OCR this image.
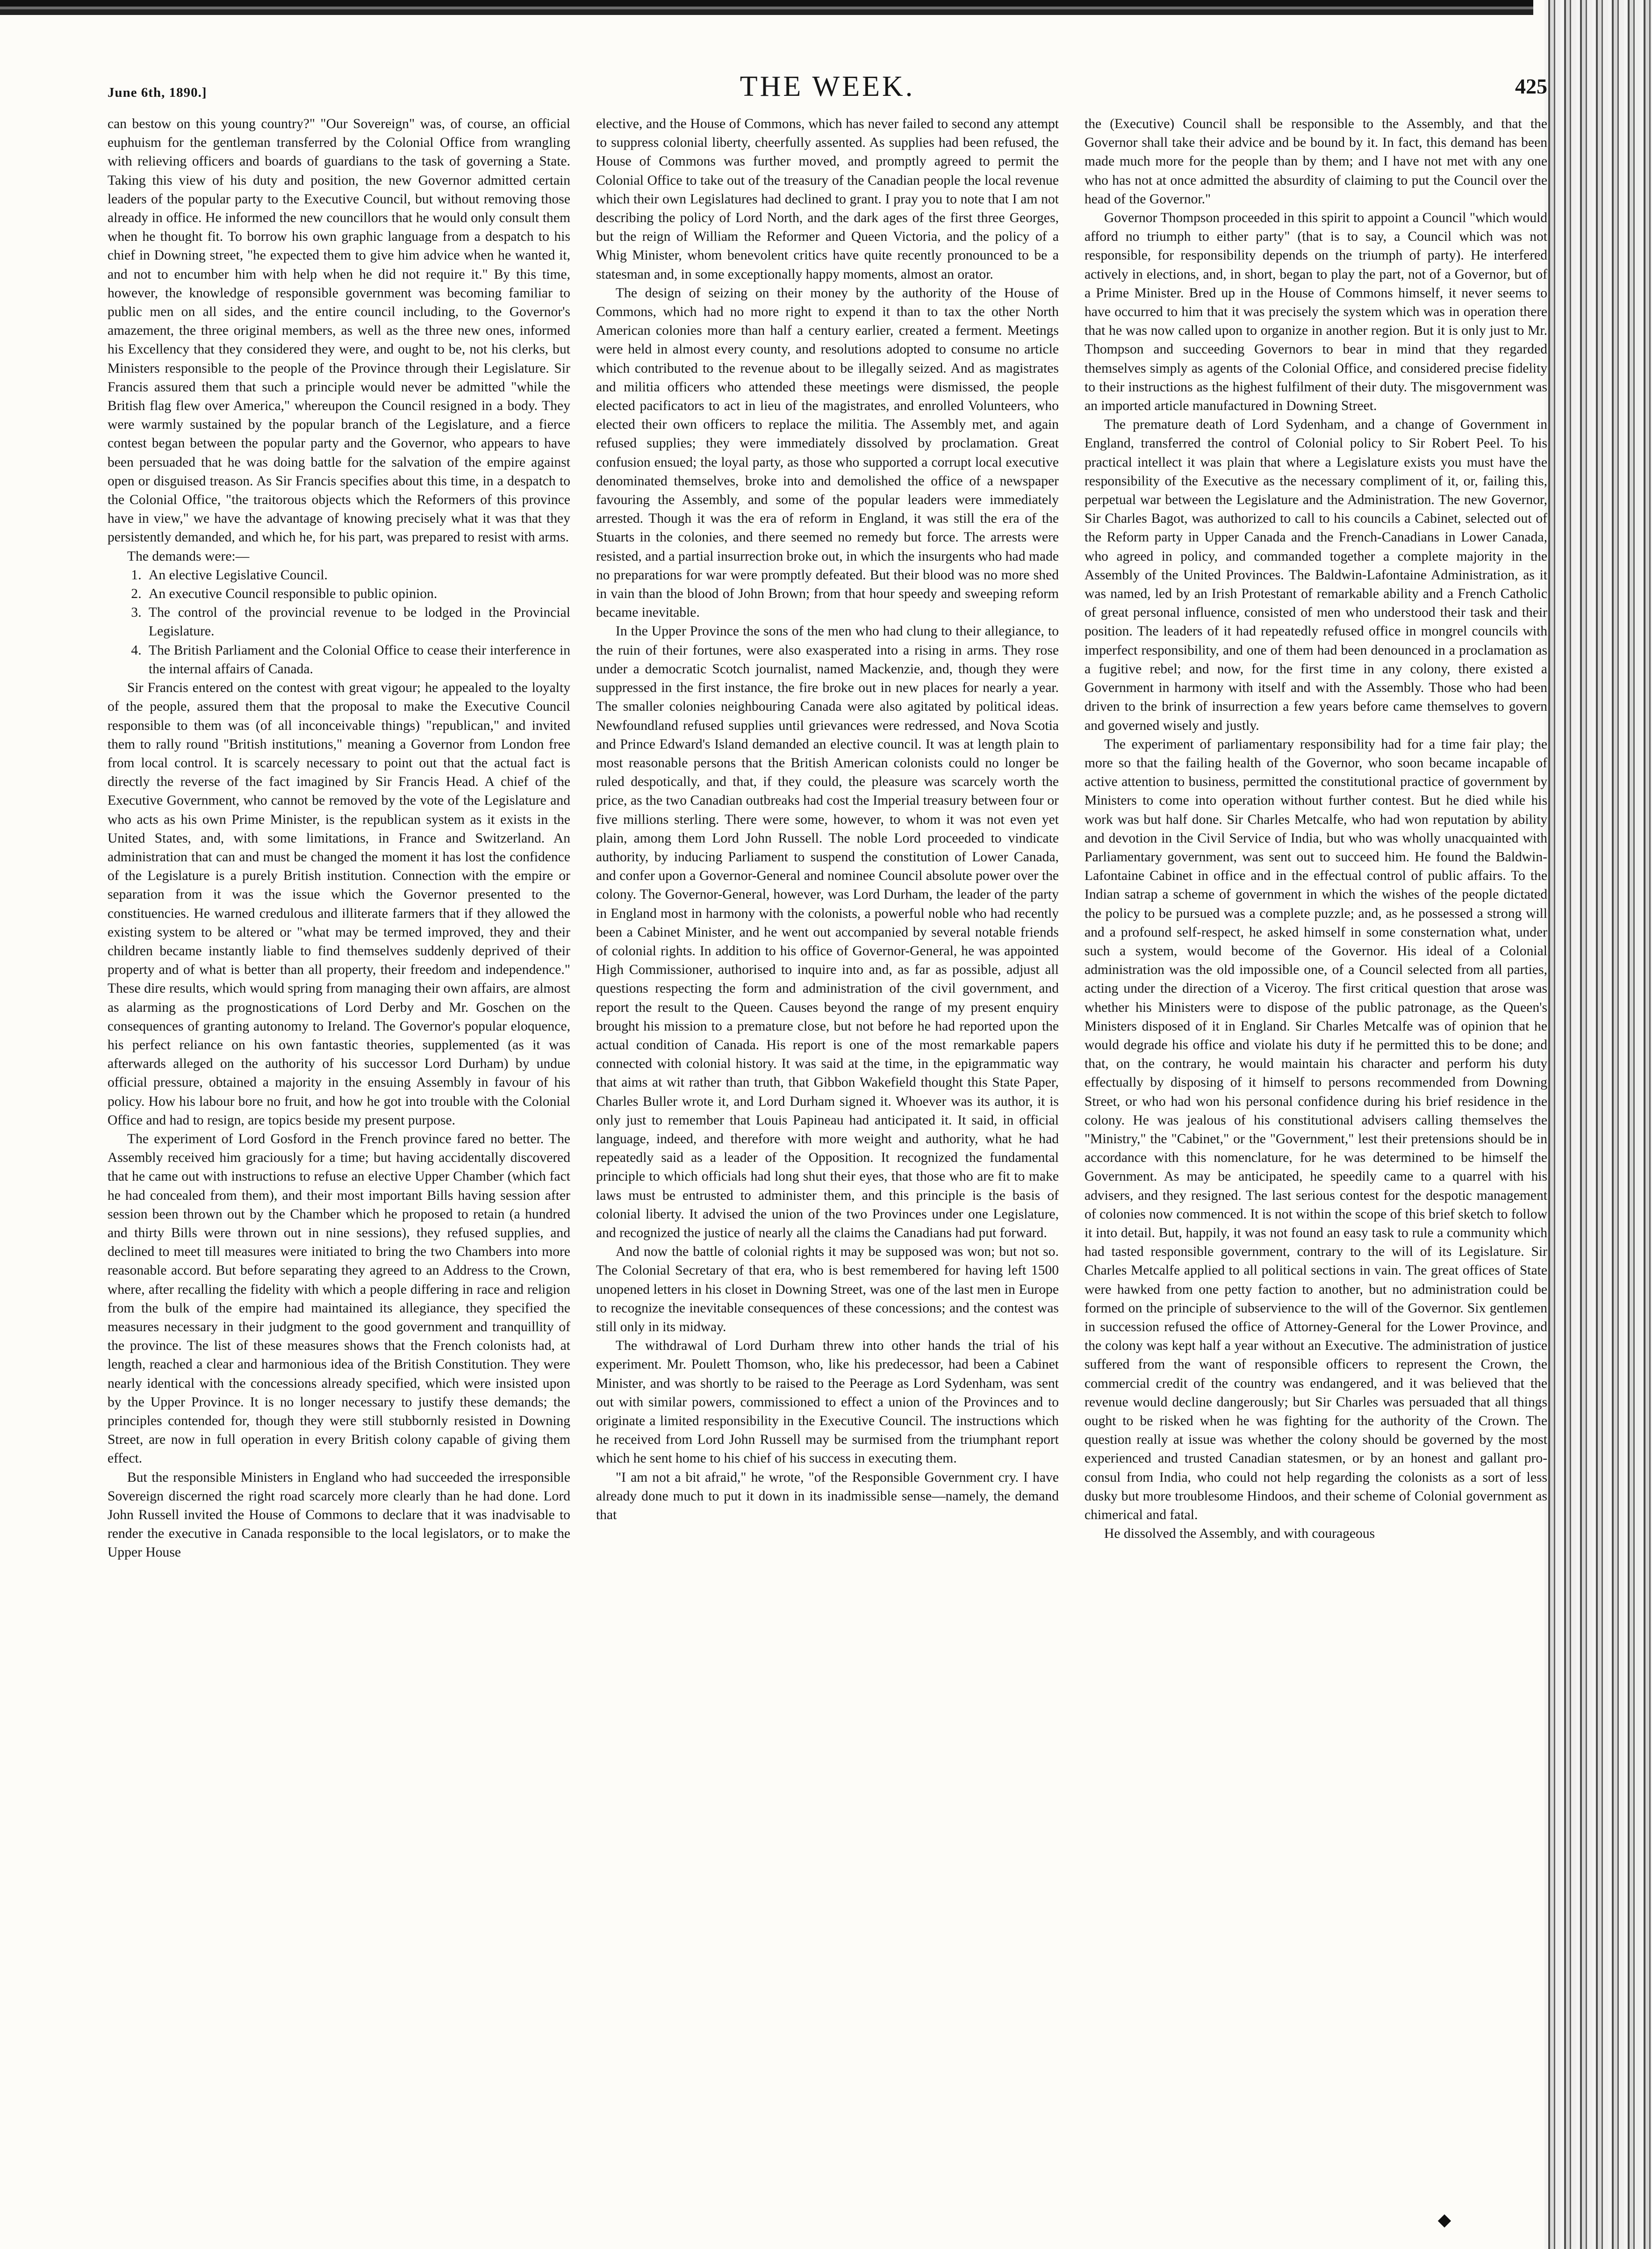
June 6th, 1890.]	THE WEEK.	425

can bestow on this young country?" "Our Sovereign" was, of course, an official euphuism for the gentleman transferred by the Colonial Office from wrangling with relieving officers and boards of guardians to the task of governing a State. Taking this view of his duty and position, the new Governor admitted certain leaders of the popular party to the Executive Council, but without removing those already in office. He informed the new councillors that he would only consult them when he thought fit. To borrow his own graphic language from a despatch to his chief in Downing street, "he expected them to give him advice when he wanted it, and not to encumber him with help when he did not require it." By this time, however, the knowledge of responsible government was becoming familiar to public men on all sides, and the entire council including, to the Governor's amazement, the three original members, as well as the three new ones, informed his Excellency that they considered they were, and ought to be, not his clerks, but Ministers responsible to the people of the Province through their Legislature. Sir Francis assured them that such a principle would never be admitted "while the British flag flew over America," whereupon the Council resigned in a body. They were warmly sustained by the popular branch of the Legislature, and a fierce contest began between the popular party and the Governor, who appears to have been persuaded that he was doing battle for the salvation of the empire against open or disguised treason. As Sir Francis specifies about this time, in a despatch to the Colonial Office, "the traitorous objects which the Reformers of this province have in view," we have the advantage of knowing precisely what it was that they persistently demanded, and which he, for his part, was prepared to resist with arms.

The demands were:—

1. An elective Legislative Council.
2. An executive Council responsible to public opinion.
3. The control of the provincial revenue to be lodged in the Provincial Legislature.
4. The British Parliament and the Colonial Office to cease their interference in the internal affairs of Canada.

Sir Francis entered on the contest with great vigour; he appealed to the loyalty of the people, assured them that the proposal to make the Executive Council responsible to them was (of all inconceivable things) "republican," and invited them to rally round "British institutions," meaning a Governor from London free from local control. It is scarcely necessary to point out that the actual fact is directly the reverse of the fact imagined by Sir Francis Head. A chief of the Executive Government, who cannot be removed by the vote of the Legislature and who acts as his own Prime Minister, is the republican system as it exists in the United States, and, with some limitations, in France and Switzerland. An administration that can and must be changed the moment it has lost the confidence of the Legislature is a purely British institution. Connection with the empire or separation from it was the issue which the Governor presented to the constituencies. He warned credulous and illiterate farmers that if they allowed the existing system to be altered or "what may be termed improved, they and their children became instantly liable to find themselves suddenly deprived of their property and of what is better than all property, their freedom and independence." These dire results, which would spring from managing their own affairs, are almost as alarming as the prognostications of Lord Derby and Mr. Goschen on the consequences of granting autonomy to Ireland. The Governor's popular eloquence, his perfect reliance on his own fantastic theories, supplemented (as it was afterwards alleged on the authority of his successor Lord Durham) by undue official pressure, obtained a majority in the ensuing Assembly in favour of his policy. How his labour bore no fruit, and how he got into trouble with the Colonial Office and had to resign, are topics beside my present purpose.

The experiment of Lord Gosford in the French province fared no better. The Assembly received him graciously for a time; but having accidentally discovered that he came out with instructions to refuse an elective Upper Chamber (which fact he had concealed from them), and their most important Bills having session after session been thrown out by the Chamber which he proposed to retain (a hundred and thirty Bills were thrown out in nine sessions), they refused supplies, and declined to meet till measures were initiated to bring the two Chambers into more reasonable accord. But before separating they agreed to an Address to the Crown, where, after recalling the fidelity with which a people differing in race and religion from the bulk of the empire had maintained its allegiance, they specified the measures necessary in their judgment to the good government and tranquillity of the province. The list of these measures shows that the French colonists had, at length, reached a clear and harmonious idea of the British Constitution. They were nearly identical with the concessions already specified, which were insisted upon by the Upper Province. It is no longer necessary to justify these demands; the principles contended for, though they were still stubbornly resisted in Downing Street, are now in full operation in every British colony capable of giving them effect.

But the responsible Ministers in England who had succeeded the irresponsible Sovereign discerned the right road scarcely more clearly than he had done. Lord John Russell invited the House of Commons to declare that it was inadvisable to render the executive in Canada responsible to the local legislators, or to make the Upper House

elective, and the House of Commons, which has never failed to second any attempt to suppress colonial liberty, cheerfully assented. As supplies had been refused, the House of Commons was further moved, and promptly agreed to permit the Colonial Office to take out of the treasury of the Canadian people the local revenue which their own Legislatures had declined to grant. I pray you to note that I am not describing the policy of Lord North, and the dark ages of the first three Georges, but the reign of William the Reformer and Queen Victoria, and the policy of a Whig Minister, whom benevolent critics have quite recently pronounced to be a statesman and, in some exceptionally happy moments, almost an orator.

The design of seizing on their money by the authority of the House of Commons, which had no more right to expend it than to tax the other North American colonies more than half a century earlier, created a ferment. Meetings were held in almost every county, and resolutions adopted to consume no article which contributed to the revenue about to be illegally seized. And as magistrates and militia officers who attended these meetings were dismissed, the people elected pacificators to act in lieu of the magistrates, and enrolled Volunteers, who elected their own officers to replace the militia. The Assembly met, and again refused supplies; they were immediately dissolved by proclamation. Great confusion ensued; the loyal party, as those who supported a corrupt local executive denominated themselves, broke into and demolished the office of a newspaper favouring the Assembly, and some of the popular leaders were immediately arrested. Though it was the era of reform in England, it was still the era of the Stuarts in the colonies, and there seemed no remedy but force. The arrests were resisted, and a partial insurrection broke out, in which the insurgents who had made no preparations for war were promptly defeated. But their blood was no more shed in vain than the blood of John Brown; from that hour speedy and sweeping reform became inevitable.

In the Upper Province the sons of the men who had clung to their allegiance, to the ruin of their fortunes, were also exasperated into a rising in arms. They rose under a democratic Scotch journalist, named Mackenzie, and, though they were suppressed in the first instance, the fire broke out in new places for nearly a year. The smaller colonies neighbouring Canada were also agitated by political ideas. Newfoundland refused supplies until grievances were redressed, and Nova Scotia and Prince Edward's Island demanded an elective council. It was at length plain to most reasonable persons that the British American colonists could no longer be ruled despotically, and that, if they could, the pleasure was scarcely worth the price, as the two Canadian outbreaks had cost the Imperial treasury between four or five millions sterling. There were some, however, to whom it was not even yet plain, among them Lord John Russell. The noble Lord proceeded to vindicate authority, by inducing Parliament to suspend the constitution of Lower Canada, and confer upon a Governor-General and nominee Council absolute power over the colony. The Governor-General, however, was Lord Durham, the leader of the party in England most in harmony with the colonists, a powerful noble who had recently been a Cabinet Minister, and he went out accompanied by several notable friends of colonial rights. In addition to his office of Governor-General, he was appointed High Commissioner, authorised to inquire into and, as far as possible, adjust all questions respecting the form and administration of the civil government, and report the result to the Queen. Causes beyond the range of my present enquiry brought his mission to a premature close, but not before he had reported upon the actual condition of Canada. His report is one of the most remarkable papers connected with colonial history. It was said at the time, in the epigrammatic way that aims at wit rather than truth, that Gibbon Wakefield thought this State Paper, Charles Buller wrote it, and Lord Durham signed it. Whoever was its author, it is only just to remember that Louis Papineau had anticipated it. It said, in official language, indeed, and therefore with more weight and authority, what he had repeatedly said as a leader of the Opposition. It recognized the fundamental principle to which officials had long shut their eyes, that those who are fit to make laws must be entrusted to administer them, and this principle is the basis of colonial liberty. It advised the union of the two Provinces under one Legislature, and recognized the justice of nearly all the claims the Canadians had put forward.

And now the battle of colonial rights it may be supposed was won; but not so. The Colonial Secretary of that era, who is best remembered for having left 1500 unopened letters in his closet in Downing Street, was one of the last men in Europe to recognize the inevitable consequences of these concessions; and the contest was still only in its midway.

The withdrawal of Lord Durham threw into other hands the trial of his experiment. Mr. Poulett Thomson, who, like his predecessor, had been a Cabinet Minister, and was shortly to be raised to the Peerage as Lord Sydenham, was sent out with similar powers, commissioned to effect a union of the Provinces and to originate a limited responsibility in the Executive Council. The instructions which he received from Lord John Russell may be surmised from the triumphant report which he sent home to his chief of his success in executing them.

"I am not a bit afraid," he wrote, "of the Responsible Government cry. I have already done much to put it down in its inadmissible sense—namely, the demand that

the (Executive) Council shall be responsible to the Assembly, and that the Governor shall take their advice and be bound by it. In fact, this demand has been made much more for the people than by them; and I have not met with any one who has not at once admitted the absurdity of claiming to put the Council over the head of the Governor."

Governor Thompson proceeded in this spirit to appoint a Council "which would afford no triumph to either party" (that is to say, a Council which was not responsible, for responsibility depends on the triumph of party). He interfered actively in elections, and, in short, began to play the part, not of a Governor, but of a Prime Minister. Bred up in the House of Commons himself, it never seems to have occurred to him that it was precisely the system which was in operation there that he was now called upon to organize in another region. But it is only just to Mr. Thompson and succeeding Governors to bear in mind that they regarded themselves simply as agents of the Colonial Office, and considered precise fidelity to their instructions as the highest fulfilment of their duty. The misgovernment was an imported article manufactured in Downing Street.

The premature death of Lord Sydenham, and a change of Government in England, transferred the control of Colonial policy to Sir Robert Peel. To his practical intellect it was plain that where a Legislature exists you must have the responsibility of the Executive as the necessary compliment of it, or, failing this, perpetual war between the Legislature and the Administration. The new Governor, Sir Charles Bagot, was authorized to call to his councils a Cabinet, selected out of the Reform party in Upper Canada and the French-Canadians in Lower Canada, who agreed in policy, and commanded together a complete majority in the Assembly of the United Provinces. The Baldwin-Lafontaine Administration, as it was named, led by an Irish Protestant of remarkable ability and a French Catholic of great personal influence, consisted of men who understood their task and their position. The leaders of it had repeatedly refused office in mongrel councils with imperfect responsibility, and one of them had been denounced in a proclamation as a fugitive rebel; and now, for the first time in any colony, there existed a Government in harmony with itself and with the Assembly. Those who had been driven to the brink of insurrection a few years before came themselves to govern and governed wisely and justly.

The experiment of parliamentary responsibility had for a time fair play; the more so that the failing health of the Governor, who soon became incapable of active attention to business, permitted the constitutional practice of government by Ministers to come into operation without further contest. But he died while his work was but half done. Sir Charles Metcalfe, who had won reputation by ability and devotion in the Civil Service of India, but who was wholly unacquainted with Parliamentary government, was sent out to succeed him. He found the Baldwin-Lafontaine Cabinet in office and in the effectual control of public affairs. To the Indian satrap a scheme of government in which the wishes of the people dictated the policy to be pursued was a complete puzzle; and, as he possessed a strong will and a profound self-respect, he asked himself in some consternation what, under such a system, would become of the Governor. His ideal of a Colonial administration was the old impossible one, of a Council selected from all parties, acting under the direction of a Viceroy. The first critical question that arose was whether his Ministers were to dispose of the public patronage, as the Queen's Ministers disposed of it in England. Sir Charles Metcalfe was of opinion that he would degrade his office and violate his duty if he permitted this to be done; and that, on the contrary, he would maintain his character and perform his duty effectually by disposing of it himself to persons recommended from Downing Street, or who had won his personal confidence during his brief residence in the colony. He was jealous of his constitutional advisers calling themselves the "Ministry," the "Cabinet," or the "Government," lest their pretensions should be in accordance with this nomenclature, for he was determined to be himself the Government. As may be anticipated, he speedily came to a quarrel with his advisers, and they resigned. The last serious contest for the despotic management of colonies now commenced. It is not within the scope of this brief sketch to follow it into detail. But, happily, it was not found an easy task to rule a community which had tasted responsible government, contrary to the will of its Legislature. Sir Charles Metcalfe applied to all political sections in vain. The great offices of State were hawked from one petty faction to another, but no administration could be formed on the principle of subservience to the will of the Governor. Six gentlemen in succession refused the office of Attorney-General for the Lower Province, and the colony was kept half a year without an Executive. The administration of justice suffered from the want of responsible officers to represent the Crown, the commercial credit of the country was endangered, and it was believed that the revenue would decline dangerously; but Sir Charles was persuaded that all things ought to be risked when he was fighting for the authority of the Crown. The question really at issue was whether the colony should be governed by the most experienced and trusted Canadian statesmen, or by an honest and gallant pro-consul from India, who could not help regarding the colonists as a sort of less dusky but more troublesome Hindoos, and their scheme of Colonial government as chimerical and fatal.

He dissolved the Assembly, and with courageous
